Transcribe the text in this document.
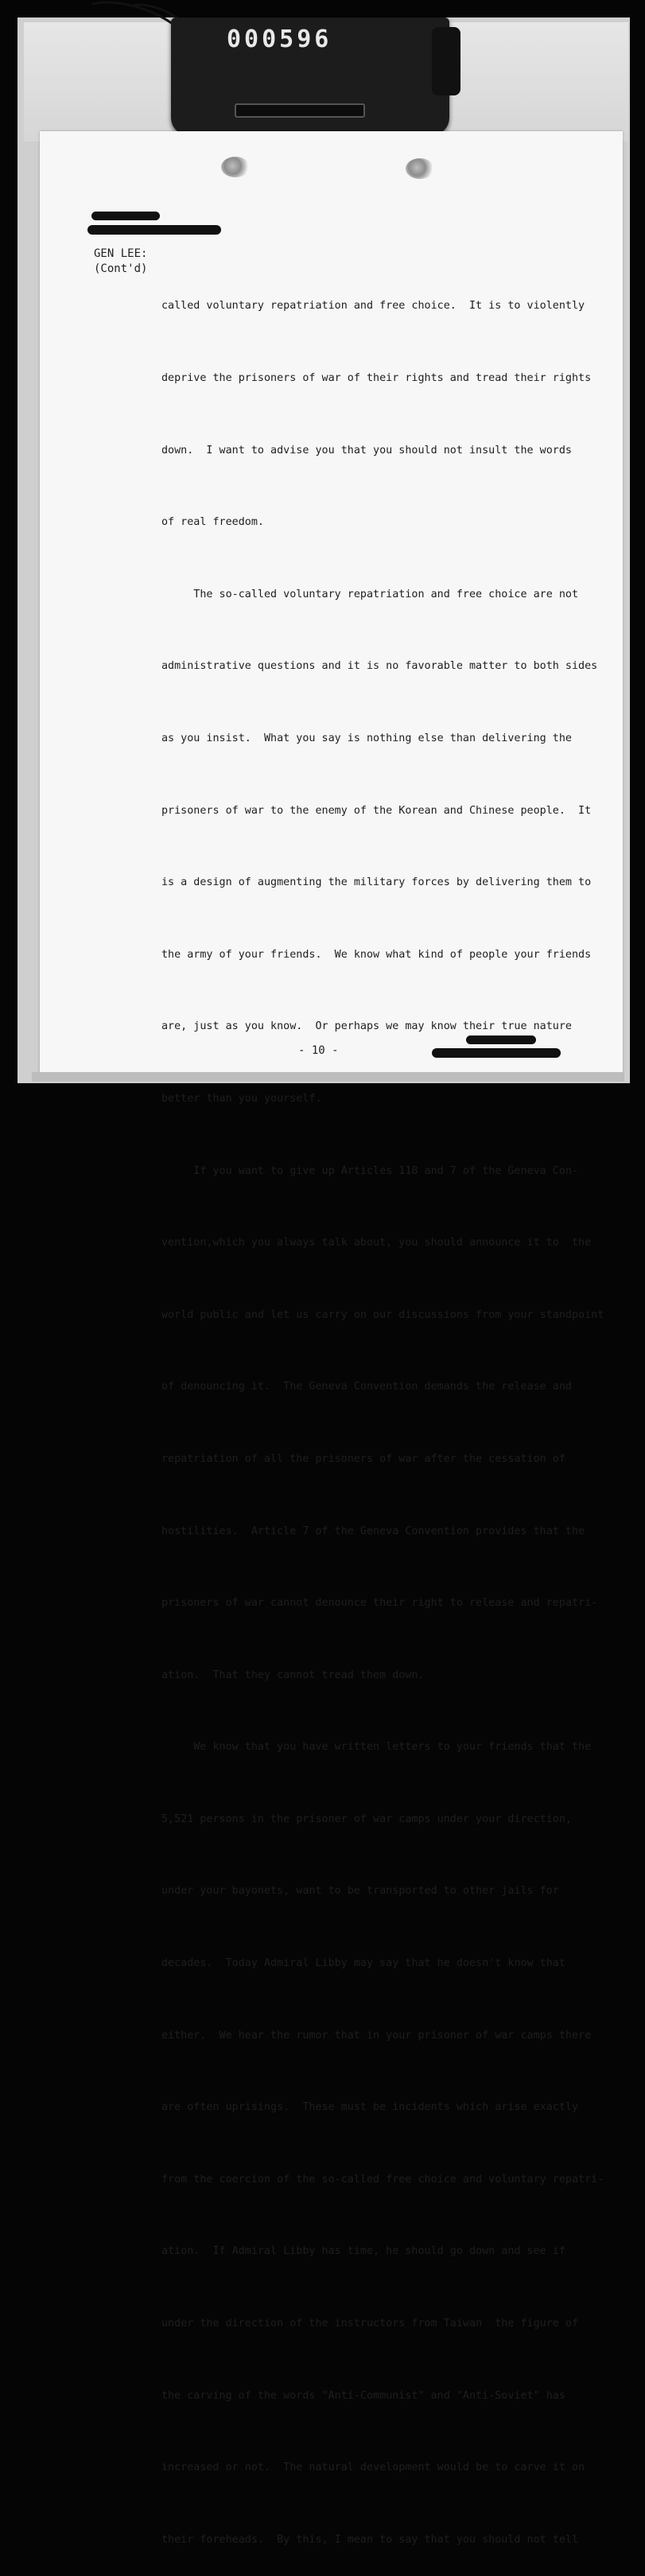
000596
GEN LEE:
(Cont'd)

called voluntary repatriation and free choice.  It is to violently

deprive the prisoners of war of their rights and tread their rights

down.  I want to advise you that you should not insult the words

of real freedom.

The so-called voluntary repatriation and free choice are not

administrative questions and it is no favorable matter to both sides

as you insist.  What you say is nothing else than delivering the

prisoners of war to the enemy of the Korean and Chinese people.  It

is a design of augmenting the military forces by delivering them to

the army of your friends.  We know what kind of people your friends

are, just as you know.  Or perhaps we may know their true nature

better than you yourself.

If you want to give up Articles 118 and 7 of the Geneva Con-

vention,which you always talk about, you should announce it to  the

world public and let us carry on our discussions from your standpoint

of denouncing it.  The Geneva Convention demands the release and

repatriation of all the prisoners of war after the cessation of

hostilities.  Article 7 of the Geneva Convention provides that the

prisoners of war cannot denounce their right to release and repatri-

ation.  That they cannot tread them down.

We know that you have written letters to your friends that the

5,521 persons in the prisoner of war camps under your direction,

under your bayonets, want to be transported to other jails for

decades.  Today Admiral Libby may say that he doesn't know that

either.  We hear the rumor that in your prisoner of war camps there

are often uprisings.  These must be incidents which arise exactly

from the coercion of the so-called free choice and voluntary repatri-

ation.  If Admiral Libby has time, he should go down and see if

under the direction of the instructors from Taiwan  the figure of

the carving of the words "Anti-Communist" and "Anti-Soviet" has

increased or not.  The natural development would be to carve it on

their foreheads.  By this, I mean to say that you should not tell

- 10 -
